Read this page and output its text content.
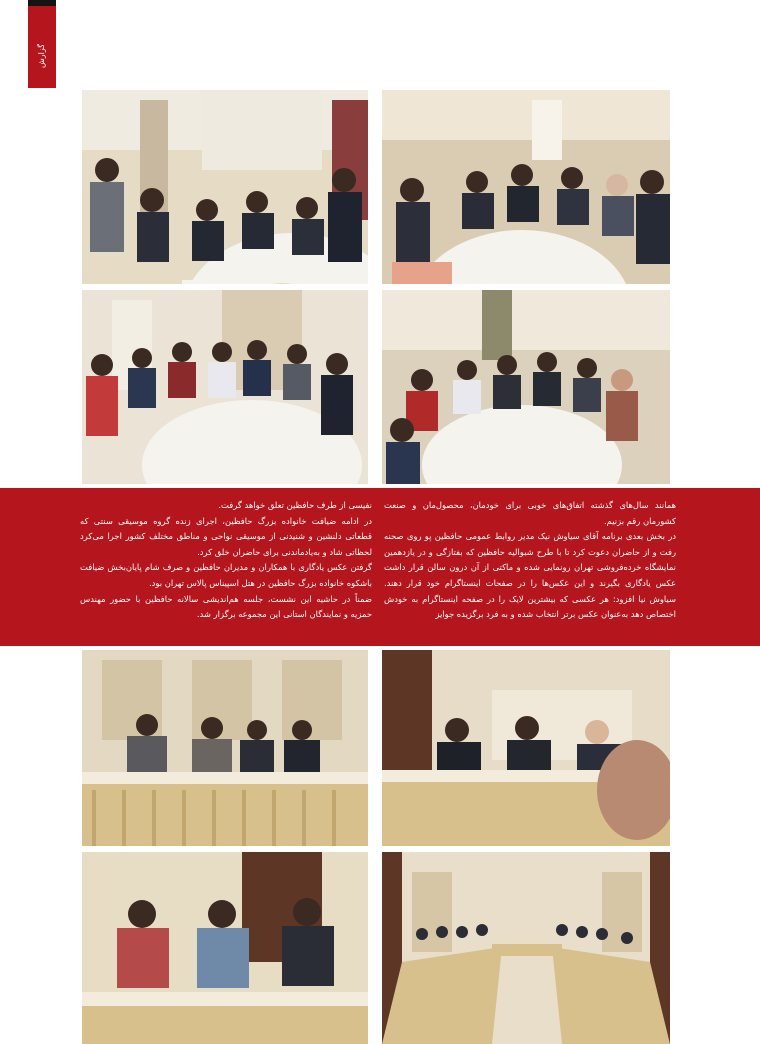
گزارش

همانند سال‌های گذشته اتفاق‌های خوبی برای خودمان، محصول‌مان و صنعت کشورمان رقم بزنیم.

در بخش بعدی برنامه آقای سیاوش نیک مدیر روابط عمومی حافظین پو روی صحنه رفت و از حاضران دعوت کرد تا با طرح شبوالیه حافظین که بفتازگی و در یازدهمین نمایشگاه خرده‌فروشی تهران رونمایی شده و ماکتی از آن درون سالن قرار داشت عکس یادگاری بگیرند و این عکس‌ها را در صفحات اینستاگرام خود قرار دهند. سیاوش نیا افزود: هر عکسی که بیشترین لایک را در صفحه اینستاگرام به خودش اختصاص دهد به‌عنوان عکس برتر انتخاب شده و به فرد برگزیده جوایز

نفیسی از طرف حافظین تعلق خواهد گرفت.

در ادامه ضیافت خانواده بزرگ حافظین، اجرای زنده گروه موسیقی سنتی که قطعاتی دلنشین و شنیدنی از موسیقی نواحی و مناطق مختلف کشور اجرا می‌کرد لحظاتی شاد و به‌یادماندنی برای حاضران خلق کرد.

گرفتن عکس یادگاری با همکاران و مدیران حافظین و صرف شام پایان‌بخش ضیافت باشکوه خانواده بزرگ حافظین در هتل اسپیناس پالاس تهران بود.

ضمناً در حاشیه این نشست، جلسه هم‌اندیشی سالانه حافظین با حضور مهندس حمزیه و نمایندگان استانی این مجموعه برگزار شد.
